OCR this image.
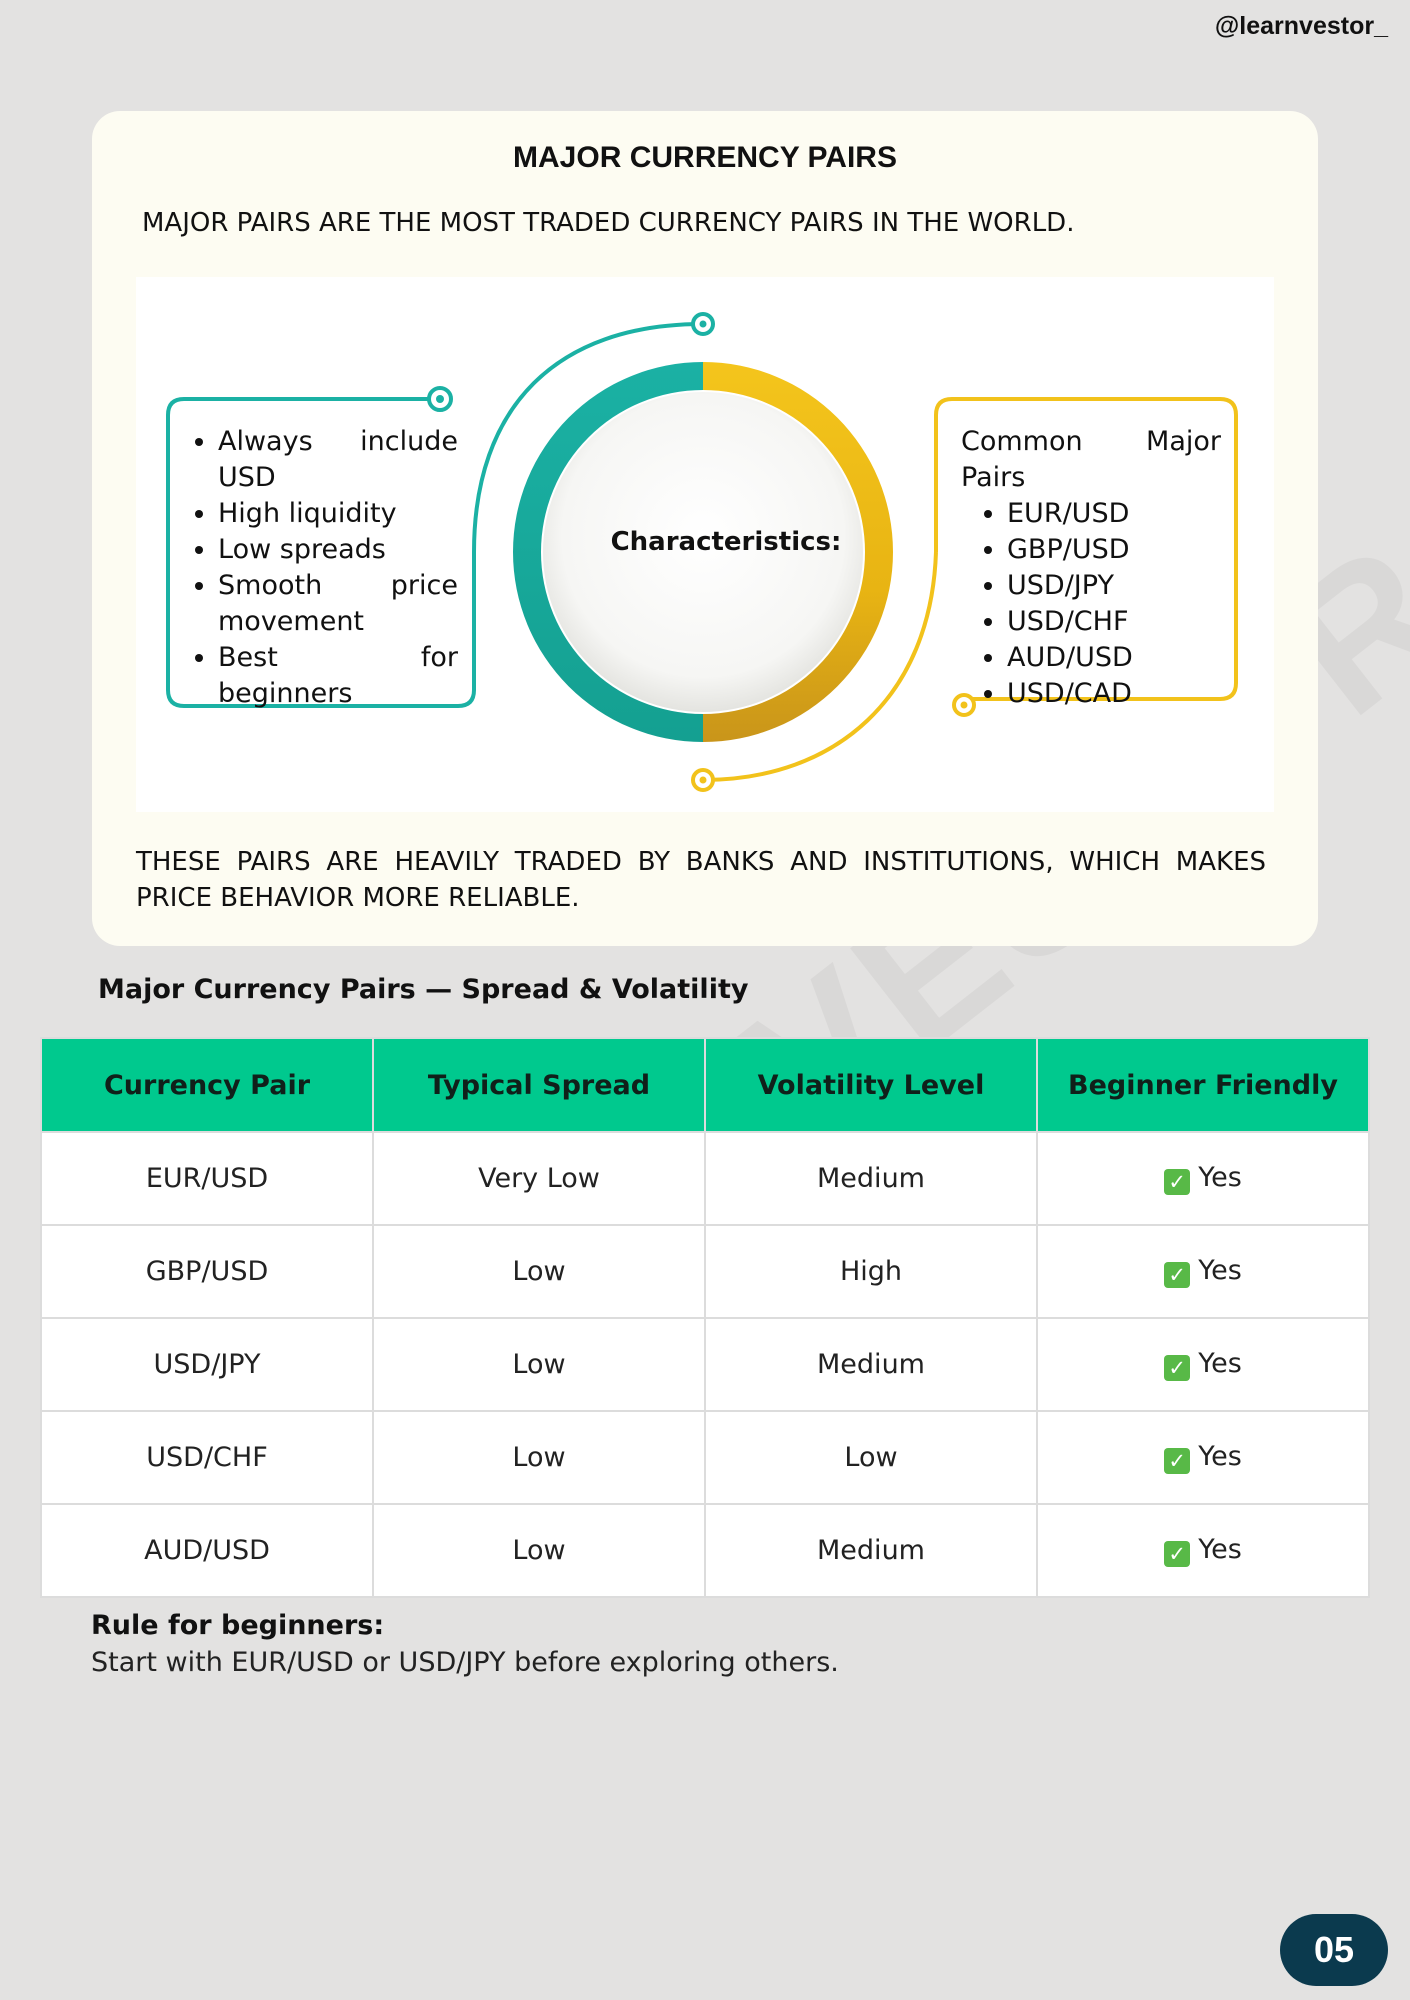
@learnvestor_
MAJOR CURRENCY PAIRS
MAJOR PAIRS ARE THE MOST TRADED CURRENCY PAIRS IN THE WORLD.
Characteristics:
• Always include USD
• High liquidity
• Low spreads
• Smooth price movement
• Best for beginners
Common Major Pairs
• EUR/USD
• GBP/USD
• USD/JPY
• USD/CHF
• AUD/USD
• USD/CAD
THESE PAIRS ARE HEAVILY TRADED BY BANKS AND INSTITUTIONS, WHICH MAKES PRICE BEHAVIOR MORE RELIABLE.
Major Currency Pairs — Spread & Volatility
Currency Pair	Typical Spread	Volatility Level	Beginner Friendly
EUR/USD	Very Low	Medium	✓ Yes
GBP/USD	Low	High	✓ Yes
USD/JPY	Low	Medium	✓ Yes
USD/CHF	Low	Low	✓ Yes
AUD/USD	Low	Medium	✓ Yes
Rule for beginners:
Start with EUR/USD or USD/JPY before exploring others.
05
